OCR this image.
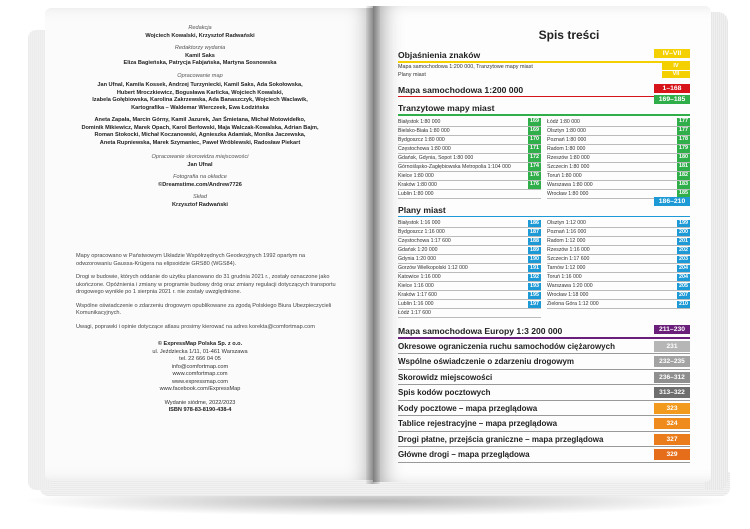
Redakcja
Wojciech Kowalski, Krzysztof Radwański
Redaktorzy wydania
Kamil Saks
Eliza Bagieńska, Patrycja Fabjańska, Martyna Sosnowska
Opracowanie map
Jan Ufnal, Kamila Kossek, Andrzej Turzyniecki, Kamil Saks, Ada Sokołowska,
Hubert Mroczkiewicz, Bogusława Karlicka, Wojciech Kowalski,
Izabela Gołębiowska, Karolina Zakrzewska, Ada Banaszczyk, Wojciech Waclawik,
Kartografika – Waldemar Wierczeek, Ewa Łodzińska
Aneta Zapała, Marcin Górny, Kamil Jazurek, Jan Śmietana, Michał Motowidełko,
Dominik Mikiewicz, Marek Opach, Karol Berłowski, Maja Walczak-Kowalska, Adrian Bajm,
Roman Stokocki, Michał Koczanowski, Agnieszka Adamiak, Monika Jaczewska,
Aneta Rupniewska, Marek Szymaniec, Paweł Wróblewski, Radosław Piekart
Opracowanie skorowidza miejscowości
Jan Ufnal
Fotografia na okładce
©Dreamstime.com/Andrew7726
Skład
Krzysztof Radwański
Mapy opracowano w Państwowym Układzie Współrzędnych Geodezyjnych 1992 opartym na odwzorowaniu Gaussa-Krügera na elipsoidzie GRS80 (WGS84).
Drogi w budowie, których oddanie do użytku planowano do 31 grudnia 2021 r., zostały oznaczone jako ukończone. Opóźnienia i zmiany w programie budowy dróg oraz zmiany regulacji dotyczących transportu drogowego wynikłe po 1 sierpnia 2021 r. nie zostały uwzględnione.
Wspólne oświadczenie o zdarzeniu drogowym opublikowane za zgodą Polskiego Biura Ubezpieczycieli Komunikacyjnych.
Uwagi, poprawki i opinie dotyczące atlasu prosimy kierować na adres korekta@comfortmap.com
© ExpressMap Polska Sp. z o.o.
ul. Jeździecka 1/11, 01-461 Warszawa
tel. 22 666 04 05
info@comfortmap.com
www.comfortmap.com
www.expressmap.com
www.facebook.com/ExpressMap
Wydanie siódme, 2022/2023
ISBN 978-83-8190-438-4
Spis treści
Objaśnienia znaków	IV–VII
Mapa samochodowa 1:200 000, Tranzytowe mapy miast	IV
Plany miast	VII
Mapa samochodowa 1:200 000	1–168
Tranzytowe mapy miast
169–185
Białystok 1:80 000	169
Bielsko-Biała 1:80 000	169
Bydgoszcz 1:80 000	170
Częstochowa 1:80 000	171
Gdańsk, Gdynia, Sopot 1:80 000	172
Górnośląsko-Zagłębiowska Metropolia 1:104 000	174
Kielce 1:80 000	176
Kraków 1:80 000	176
Lublin 1:80 000
Łódź 1:80 000	177
Olsztyn 1:80 000	177
Poznań 1:80 000	178
Radom 1:80 000	179
Rzeszów 1:80 000	180
Szczecin 1:80 000	181
Toruń 1:80 000	182
Warszawa 1:80 000	183
Wrocław 1:80 000	185
Plany miast
186–210
Białystok 1:16 000	186
Bydgoszcz 1:16 000	187
Częstochowa 1:17 600	188
Gdańsk 1:20 000	189
Gdynia 1:20 000	190
Gorzów Wielkopolski 1:12 000	191
Katowice 1:16 000	192
Kielce 1:16 000	193
Kraków 1:17 600	195
Lublin 1:16 000	197
Łódź 1:17 600
Olsztyn 1:12 000	199
Poznań 1:16 000	200
Radom 1:12 000	201
Rzeszów 1:16 000	202
Szczecin 1:17 600	203
Tarnów 1:12 000	204
Toruń 1:16 000	204
Warszawa 1:20 000	205
Wrocław 1:18 000	207
Zielona Góra 1:12 000	210
Mapa samochodowa Europy 1:3 200 000	211–230
Okresowe ograniczenia ruchu samochodów ciężarowych	231
Wspólne oświadczenie o zdarzeniu drogowym	232–235
Skorowidz miejscowości	236–312
Spis kodów pocztowych	313–322
Kody pocztowe – mapa przeglądowa	323
Tablice rejestracyjne – mapa przeglądowa	324
Drogi płatne, przejścia graniczne – mapa przeglądowa	327
Główne drogi – mapa przeglądowa	329
